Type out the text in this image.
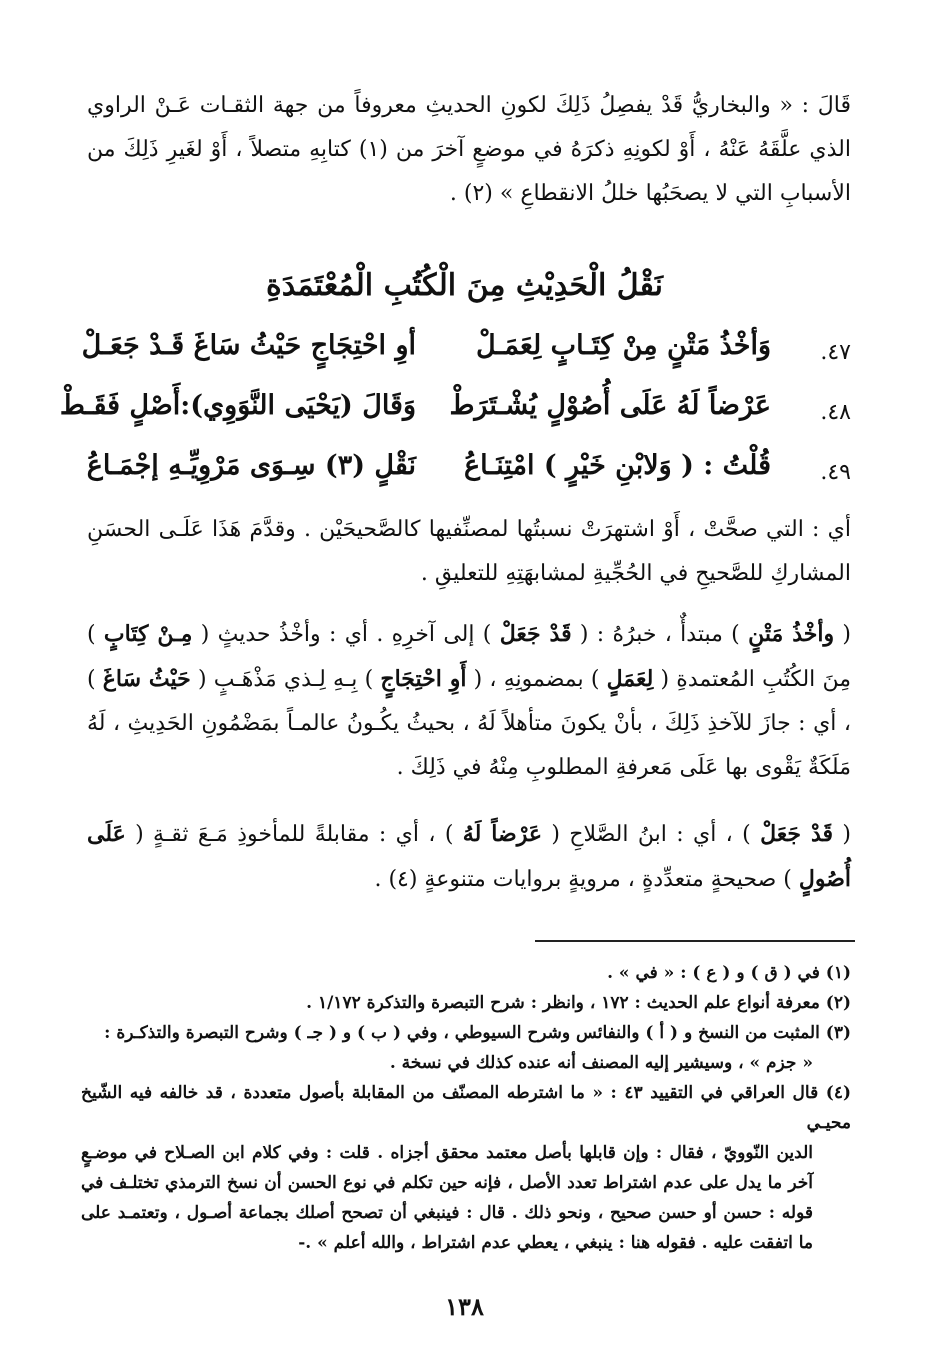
قَالَ : « والبخاريُّ قَدْ يفصِلُ ذَلِكَ لكونِ الحديثِ معروفاً من جهة الثقـات عَـنْ الراوي الذي علَّقَهُ عَنْهُ ، أَوْ لكونِهِ ذكرَهُ في موضعٍ آخرَ من (١) كتابِهِ متصلاً ، أَوْ لغَيرِ ذَلِكَ من الأسبابِ التي لا يصحَبُها خللُ الانقطاعِ » (٢) .
نَقْلُ الْحَدِيْثِ مِنَ الْكُتُبِ الْمُعْتَمَدَةِ
٤٧.
وَأخْذُ مَتْنٍ مِنْ كِتَـابٍ لِعَمَـلْ
أوِ احْتِجَاجٍ حَيْثُ سَاغَ قَـدْ جَعَـلْ
٤٨.
عَرْضاً لَهُ عَلَى أُصُوْلٍ يُشْـتَرَطْ
وَقَالَ (يَحْيَى النَّوَوِي):أَصْلٍ فَقَـطْ
٤٩.
قُلْتُ : ( وَلابْنِ خَيْرٍ ) امْتِنَـاعُ
نَقْلٍ (٣) سِـوَى مَرْوِيِّـهِ إجْمَـاعُ
أي : التي صحَّتْ ، أَوْ اشتهرَتْ نسبتُها لمصنِّفيها كالصَّحيحَيْن . وقدَّمَ هَذَا عَلَـى الحسَنِ المشاركِ للصَّحيحِ في الحُجِّيةِ لمشابهَتِهِ للتعليقِ .
( وأخْذُ مَتْنٍ ) مبتدأٌ ، خبرُهُ : ( قَدْ جَعَلْ ) إلى آخرِهِ . أي : وأخْذُ حديثٍ ( مِـنْ كِتَابٍ ) مِنَ الكُتُبِ المُعتمدةِ ( لِعَمَلٍ ) بمضمونِهِ ، ( أَوِ احْتِجَاجٍ ) بِـهِ لِـذي مَذْهَـبٍ ( حَيْثُ سَاغَ ) ، أي : جازَ للآخذِ ذَلِكَ ، بأنْ يكونَ متأهلاً لَهُ ، بحيثُ يكُـونُ عالمـاً بمَضْمُونِ الحَدِيثِ ، لَهُ مَلَكَةٌ يَقْوى بها عَلَى مَعرفةِ المطلوبِ مِنْهُ في ذَلِكَ .
( قَدْ جَعَلْ ) ، أي : ابنُ الصَّلاحِ ( عَرْضاً لَهُ ) ، أي : مقابلةً للمأخوذِ مَـعَ ثقـةٍ ( عَلَى أُصُولٍ ) صحيحةٍ متعدِّدةٍ ، مرويةٍ بروايات متنوعةٍ (٤) .

(١) في ( ق ) و ( ع ) : « في » .

(٢) معرفة أنواع علم الحديث : ١٧٢ ، وانظر : شرح التبصرة والتذكرة ١/١٧٢ .

(٣) المثبت من النسخ و ( أ ) والنفائس وشرح السيوطي ، وفي ( ب ) و ( جـ ) وشرح التبصرة والتذكـرة :
« جزم » ، وسيشير إليه المصنف أنه عنده كذلك في نسخة .

(٤) قال العراقي في التقييد ٤٣ : « ما اشترطه المصنّف من المقابلة بأصول متعددة ، قد خالفه فيه الشّيخ محيـي
الدين النّوويّ ، فقال : وإن قابلها بأصل معتمد محقق أجزاه . قلت : وفي كلام ابن الصـلاح في موضـعٍ آخر ما يدل على عدم اشتراط تعدد الأصل ، فإنه حين تكلم في نوع الحسن أن نسخ الترمذي تختلـف في قوله : حسن أو حسن صحيح ، ونحو ذلك . قال : فينبغي أن تصحح أصلك بجماعة أصـول ، وتعتمـد على ما اتفقت عليه . فقوله هنا : ينبغي ، يعطي عدم اشتراط ، والله أعلم » .-

١٣٨
